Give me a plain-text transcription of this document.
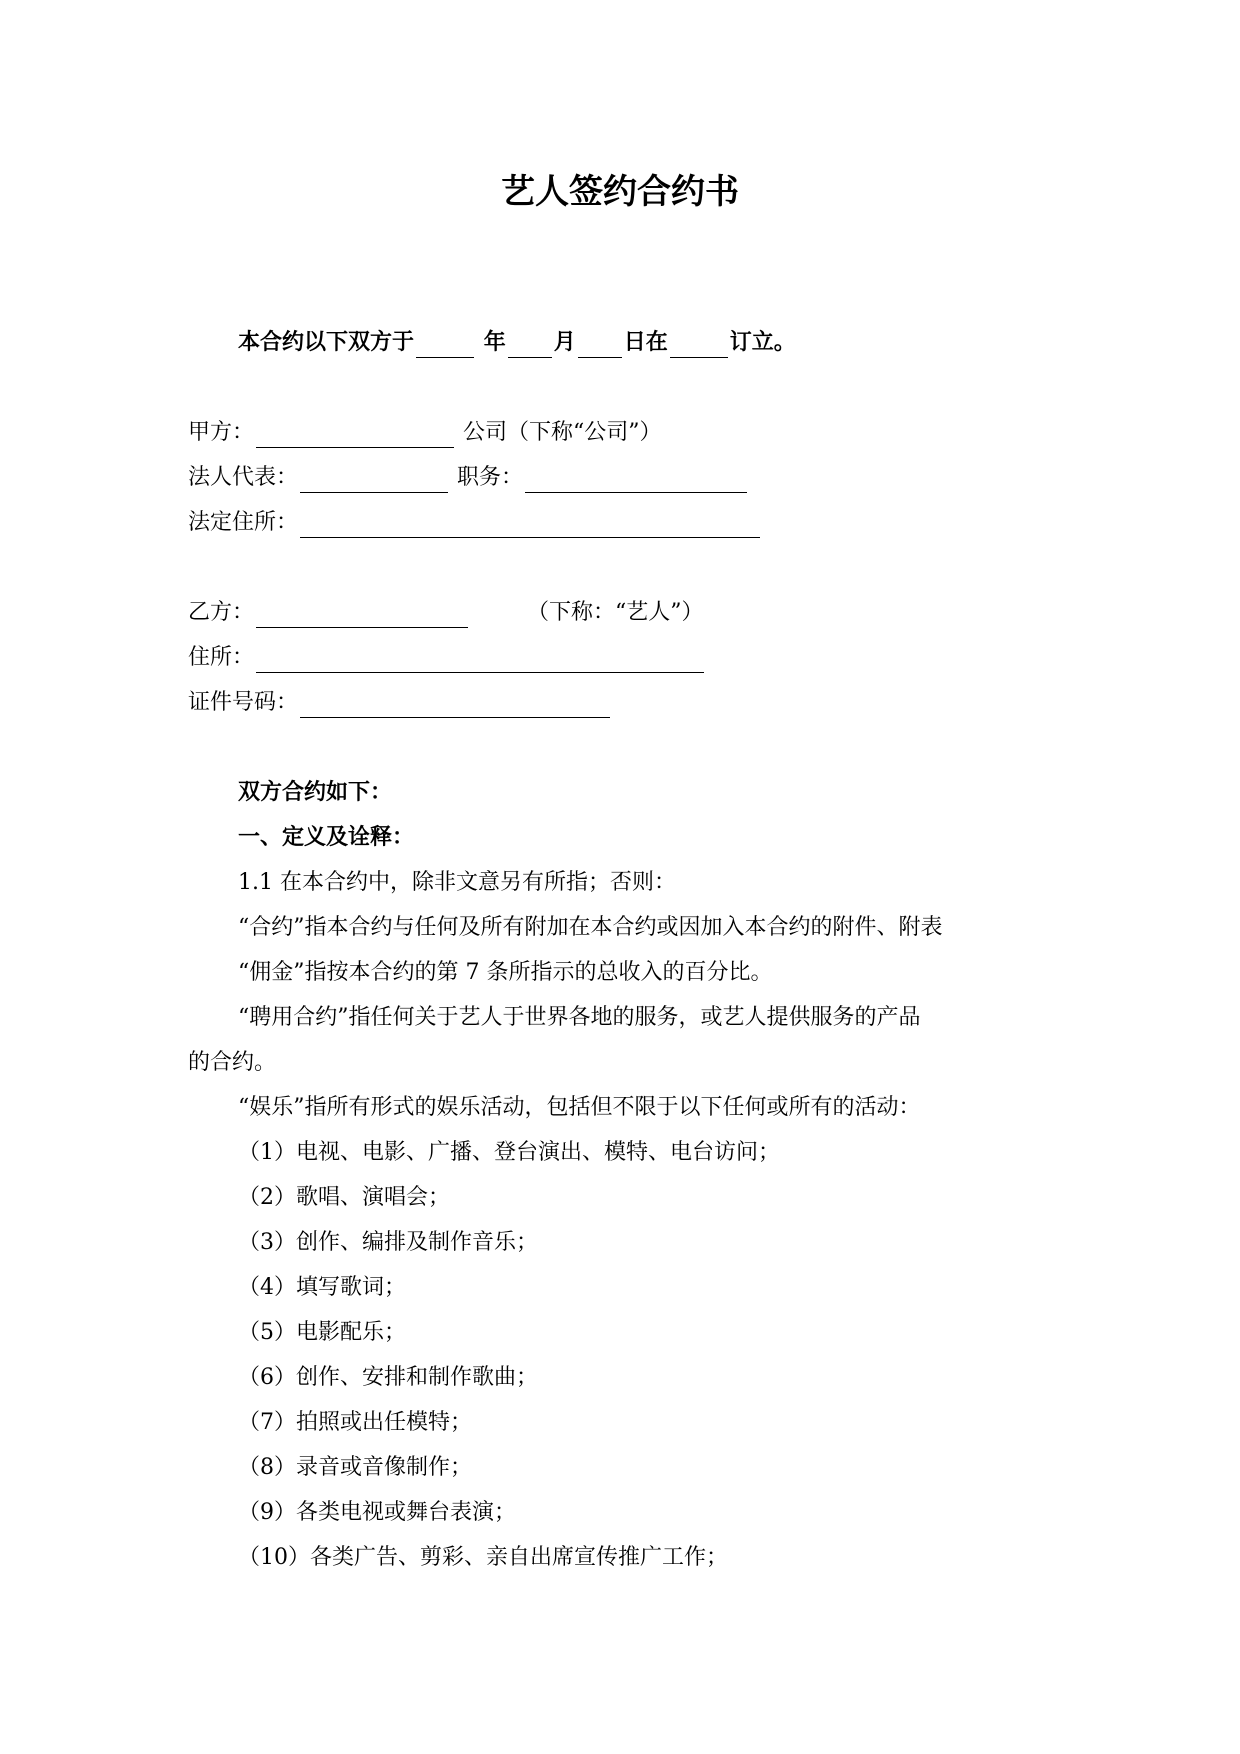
艺人签约合约书
本合约以下双方于	年 月 日在	订立。
甲方：	公司（下称“公司”）
法人代表：	职务：
法定住所：
乙方：	（下称：“艺人”）
住所：
证件号码：
双方合约如下：
一、定义及诠释：
1.1 在本合约中，除非文意另有所指；否则：
“合约”指本合约与任何及所有附加在本合约或因加入本合约的附件、附表
“佣金”指按本合约的第 7 条所指示的总收入的百分比。
“聘用合约”指任何关于艺人于世界各地的服务，或艺人提供服务的产品
的合约。
“娱乐”指所有形式的娱乐活动，包括但不限于以下任何或所有的活动：
（1）电视、电影、广播、登台演出、模特、电台访问；
（2）歌唱、演唱会；
（3）创作、编排及制作音乐；
（4）填写歌词；
（5）电影配乐；
（6）创作、安排和制作歌曲；
（7）拍照或出任模特；
（8）录音或音像制作；
（9）各类电视或舞台表演；
（10）各类广告、剪彩、亲自出席宣传推广工作；
